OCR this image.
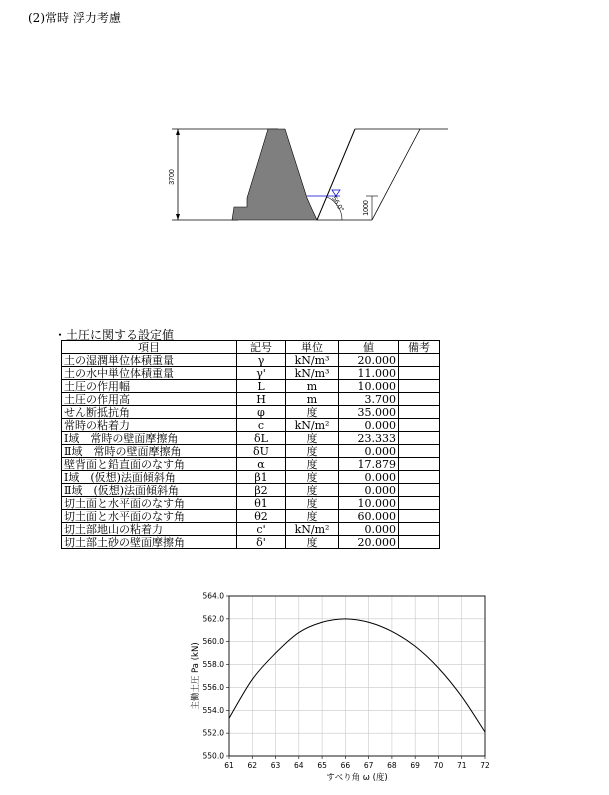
(2)常時 浮力考慮
3700
1000
56.0°
・土圧に関する設定値
項目	記号	単位	値	備考
土の湿潤単位体積重量	γ	kN/m³	20.000	
土の水中単位体積重量	γ'	kN/m³	11.000	
土圧の作用幅	L	m	10.000	
土圧の作用高	H	m	3.700	
せん断抵抗角	φ	度	35.000	
常時の粘着力	c	kN/m²	0.000	
Ⅰ域　常時の壁面摩擦角	δL	度	23.333	
Ⅱ域　常時の壁面摩擦角	δU	度	0.000	
壁背面と鉛直面のなす角	α	度	17.879	
Ⅰ域　(仮想)法面傾斜角	β1	度	0.000	
Ⅱ域　(仮想)法面傾斜角	β2	度	0.000	
切土面と水平面のなす角	θ1	度	10.000	
切土面と水平面のなす角	θ2	度	60.000	
切土部地山の粘着力	c'	kN/m²	0.000	
切土部土砂の壁面摩擦角	δ'	度	20.000	
61 62 63 64 65 66 67 68 69 70 71 72
550.0
552.0
554.0
556.0
558.0
560.0
562.0
564.0
すべり角 ω (度)
主働土圧 Pa (kN)
